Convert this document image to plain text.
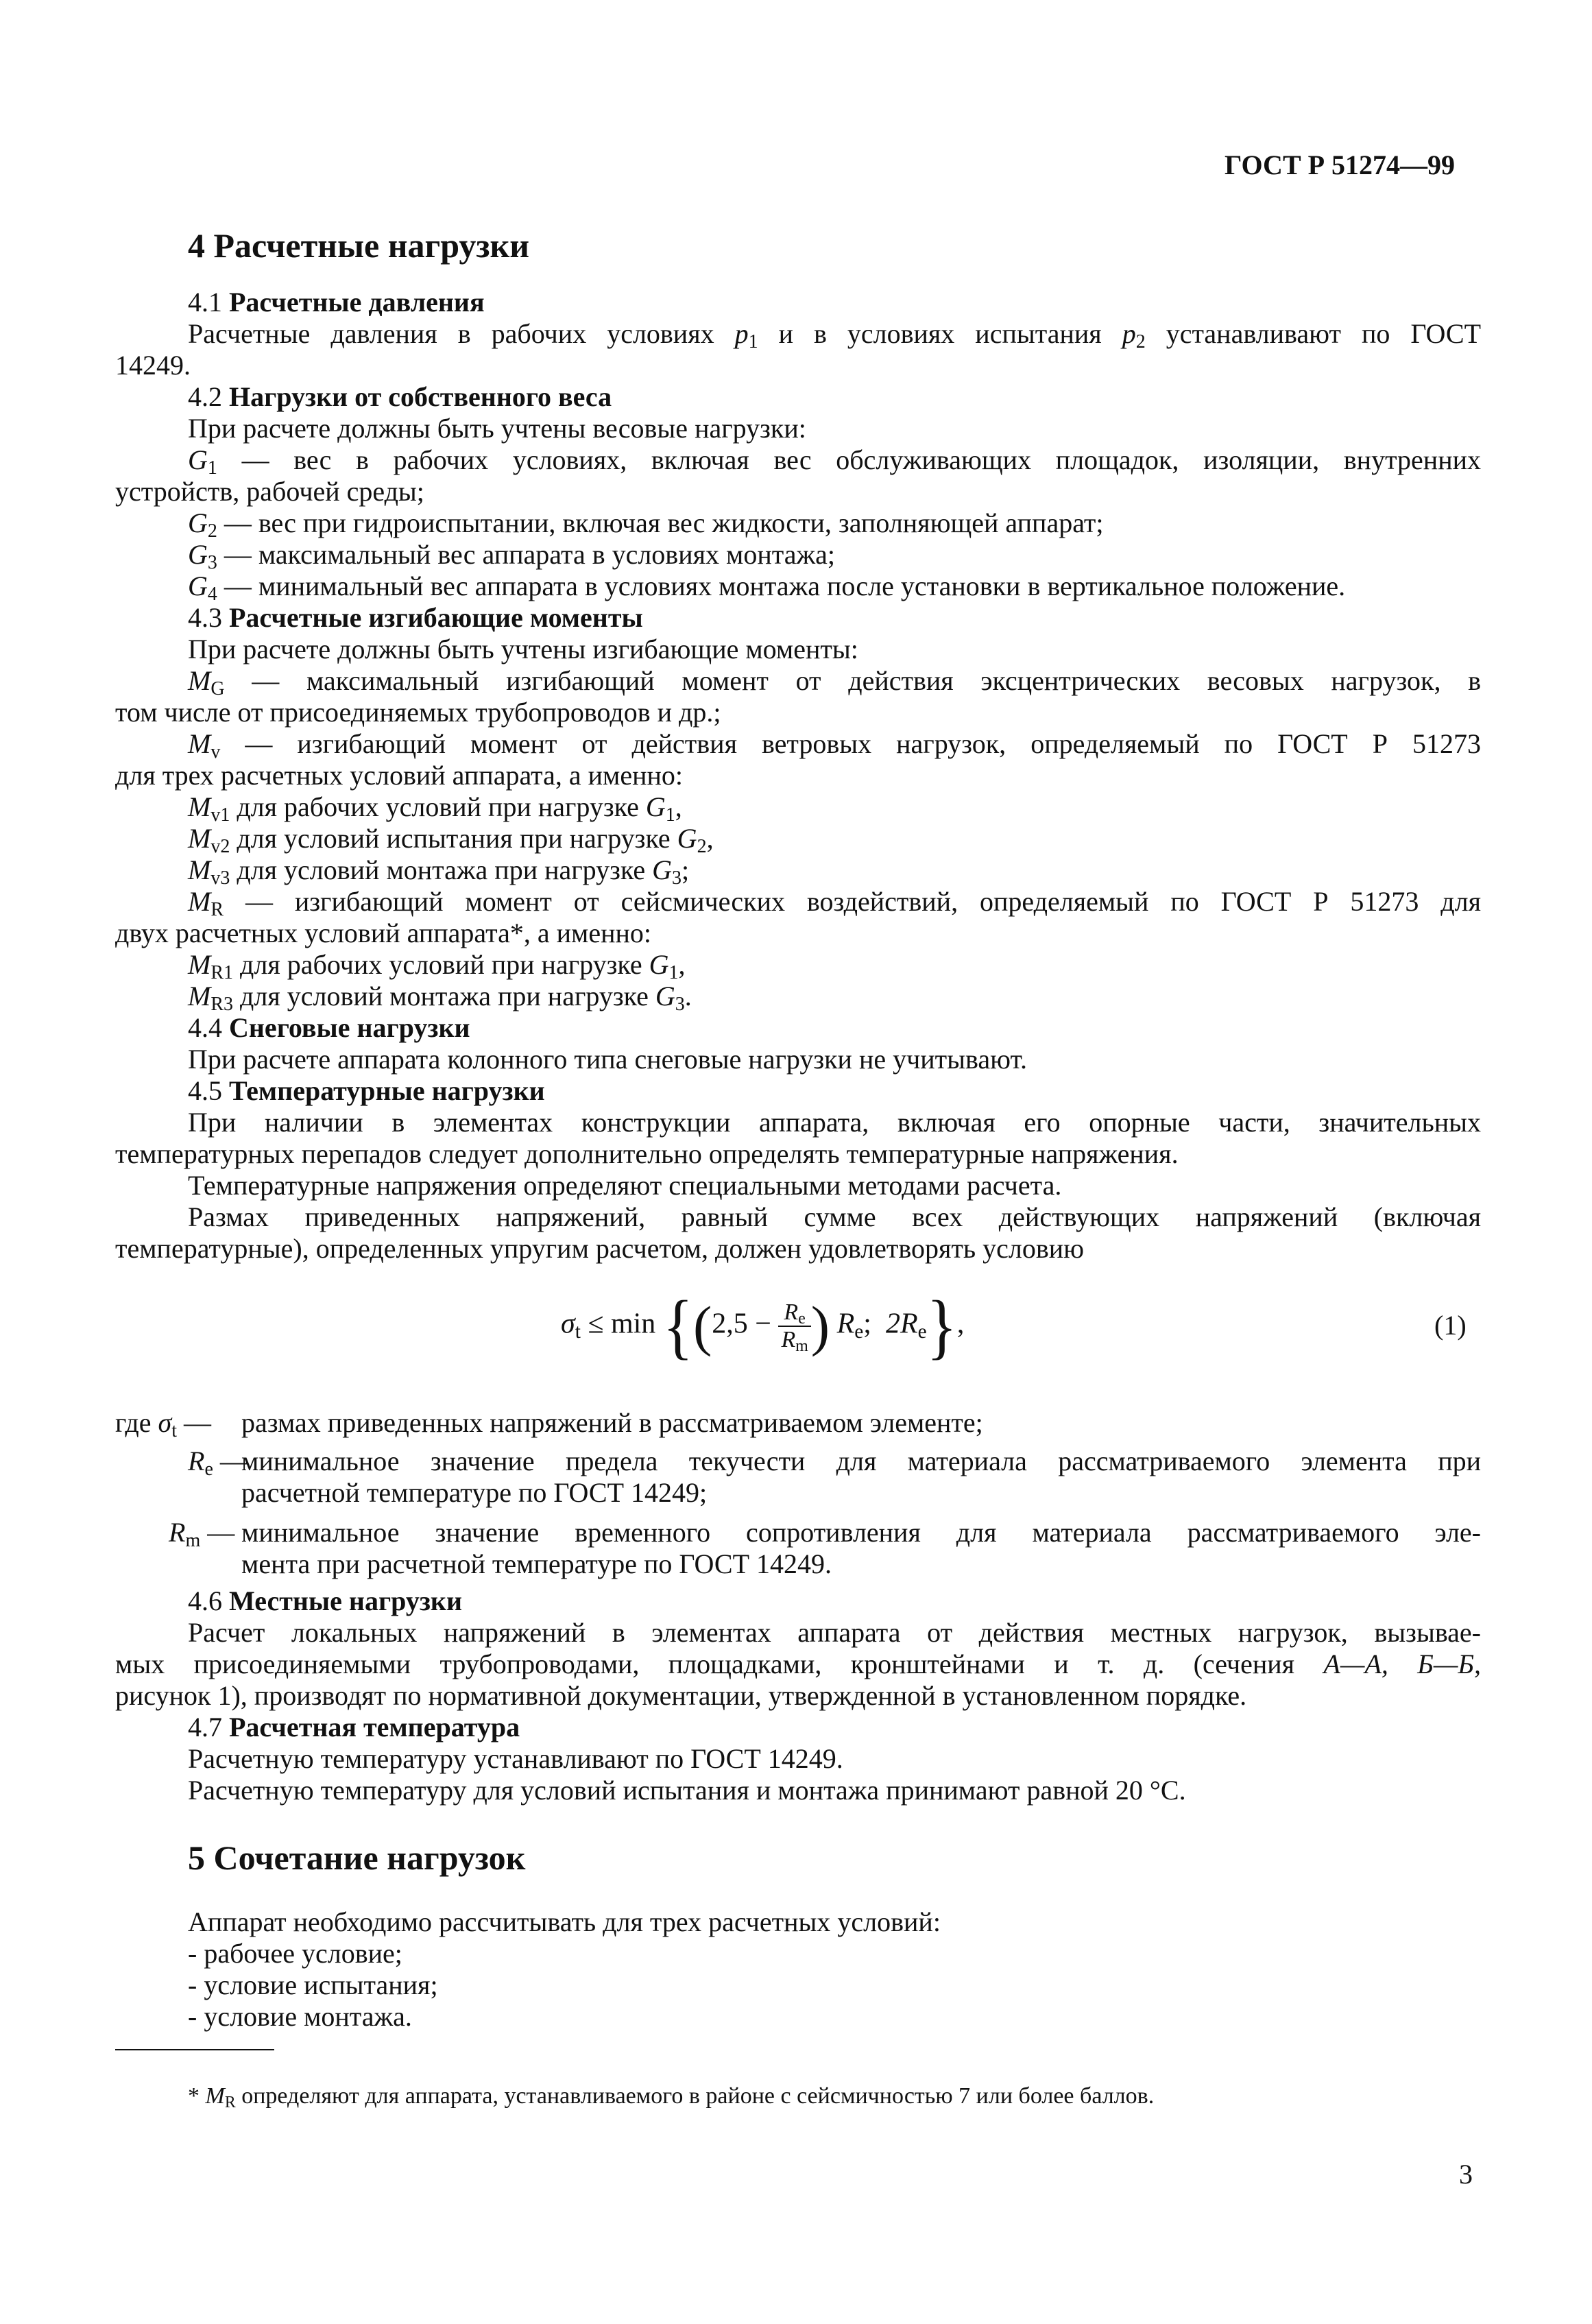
ГОСТ Р 51274—99
4 Расчетные нагрузки
4.1 Расчетные давления
Расчетные давления в рабочих условиях $p_1$ и в условиях испытания $p_2$ устанавливают по ГОСТ
14249.
4.2 Нагрузки от собственного веса
При расчете должны быть учтены весовые нагрузки:
$G_1$ — вес в рабочих условиях, включая вес обслуживающих площадок, изоляции, внутренних
устройств, рабочей среды;
$G_2$ — вес при гидроиспытании, включая вес жидкости, заполняющей аппарат;
$G_3$ — максимальный вес аппарата в условиях монтажа;
$G_4$ — минимальный вес аппарата в условиях монтажа после установки в вертикальное положение.
4.3 Расчетные изгибающие моменты
При расчете должны быть учтены изгибающие моменты:
$M_G$ — максимальный изгибающий момент от действия эксцентрических весовых нагрузок, в
том числе от присоединяемых трубопроводов и др.;
$M_v$ — изгибающий момент от действия ветровых нагрузок, определяемый по ГОСТ Р 51273
для трех расчетных условий аппарата, а именно:
$M_{v1}$ для рабочих условий при нагрузке $G_1$,
$M_{v2}$ для условий испытания при нагрузке $G_2$,
$M_{v3}$ для условий монтажа при нагрузке $G_3$;
$M_R$ — изгибающий момент от сейсмических воздействий, определяемый по ГОСТ Р 51273 для
двух расчетных условий аппарата*, а именно:
$M_{R1}$ для рабочих условий при нагрузке $G_1$,
$M_{R3}$ для условий монтажа при нагрузке $G_3$.
4.4 Снеговые нагрузки
При расчете аппарата колонного типа снеговые нагрузки не учитывают.
4.5 Температурные нагрузки
При наличии в элементах конструкции аппарата, включая его опорные части, значительных
температурных перепадов следует дополнительно определять температурные напряжения.
Температурные напряжения определяют специальными методами расчета.
Размах приведенных напряжений, равный сумме всех действующих напряжений (включая
температурные), определенных упругим расчетом, должен удовлетворять условию
$\sigma_t \le \min \{(2,5 - \frac{R_e}{R_m}$ ) $R_e$; $2R_e$},	(1)
где $\sigma_t$ — размах приведенных напряжений в рассматриваемом элементе;
$R_e$ —
минимальное значение предела текучести для материала рассматриваемого элемента при
расчетной температуре по ГОСТ 14249;
$R_m$ — минимальное значение временного сопротивления для материала рассматриваемого эле-
мента при расчетной температуре по ГОСТ 14249.
4.6 Местные нагрузки
Расчет локальных напряжений в элементах аппарата от действия местных нагрузок, вызывае-
мых присоединяемыми трубопроводами, площадками, кронштейнами и т. д. (сечения А—А, Б—Б,
рисунок 1), производят по нормативной документации, утвержденной в установленном порядке.
4.7 Расчетная температура
Расчетную температуру устанавливают по ГОСТ 14249.
Расчетную температуру для условий испытания и монтажа принимают равной 20 °С.
5 Сочетание нагрузок
Аппарат необходимо рассчитывать для трех расчетных условий:
- рабочее условие;
- условие испытания;
- условие монтажа.
* $M_R$ определяют для аппарата, устанавливаемого в районе с сейсмичностью 7 или более баллов.
3
